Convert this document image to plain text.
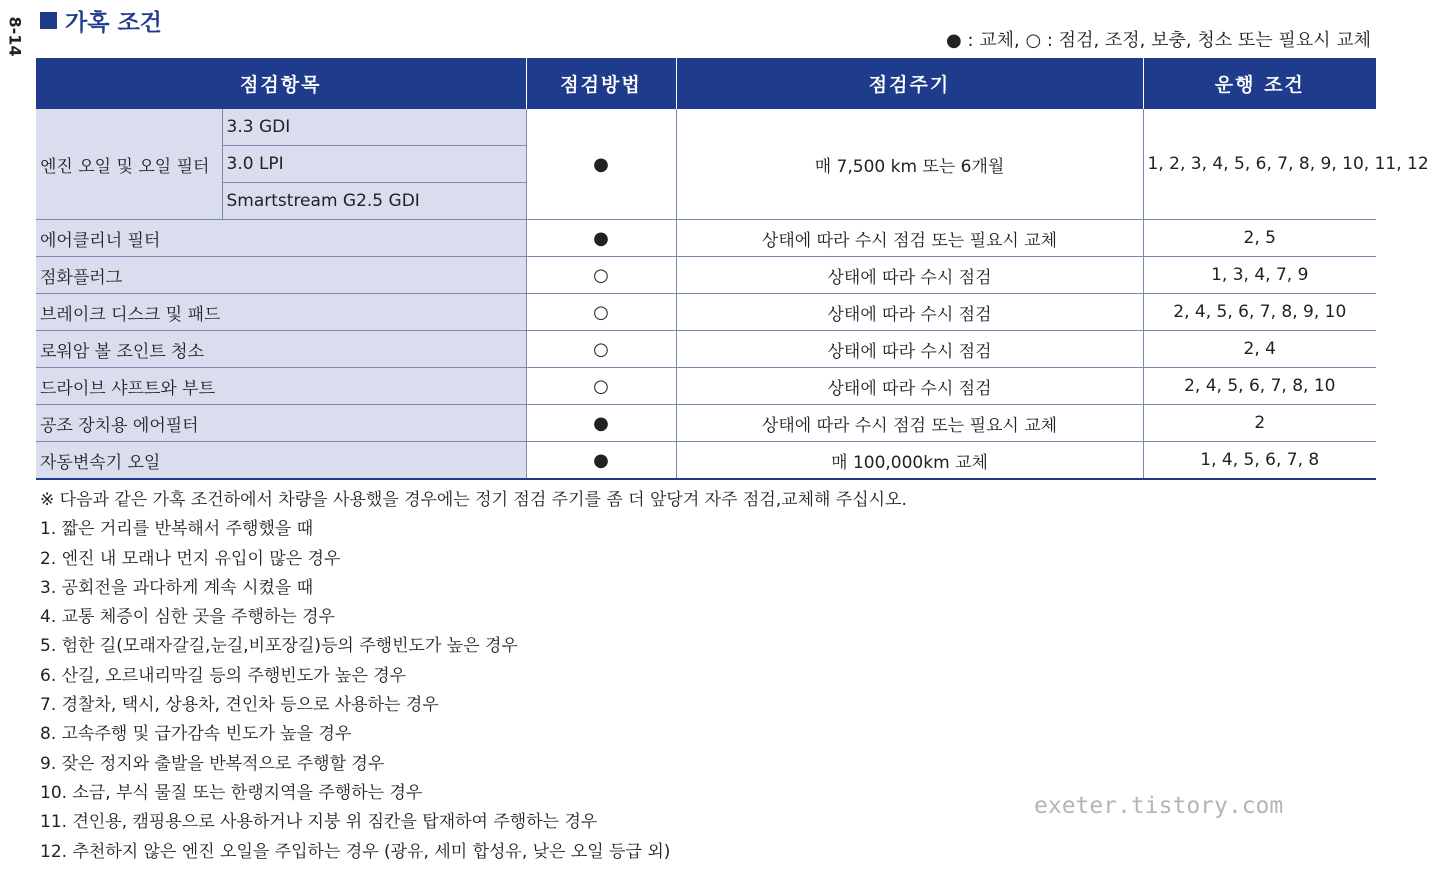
8-14 가혹 조건
● : 교체, ○ : 점검, 조정, 보충, 청소 또는 필요시 교체
점검항목		점검방법	점검주기	운행 조건
엔진 오일 및 오일 필터	3.3 GDI	●	매 7,500 km 또는 6개월	1, 2, 3, 4, 5, 6, 7, 8, 9, 10, 11, 12
	3.0 LPI			
	Smartstream G2.5 GDI			
에어클리너 필터		●	상태에 따라 수시 점검 또는 필요시 교체	2, 5
점화플러그		○	상태에 따라 수시 점검	1, 3, 4, 7, 9
브레이크 디스크 및 패드		○	상태에 따라 수시 점검	2, 4, 5, 6, 7, 8, 9, 10
로워암 볼 조인트 청소		○	상태에 따라 수시 점검	2, 4
드라이브 샤프트와 부트		○	상태에 따라 수시 점검	2, 4, 5, 6, 7, 8, 10
공조 장치용 에어필터		●	상태에 따라 수시 점검 또는 필요시 교체	2
자동변속기 오일		●	매 100,000km 교체	1, 4, 5, 6, 7, 8
※ 다음과 같은 가혹 조건하에서 차량을 사용했을 경우에는 정기 점검 주기를 좀 더 앞당겨 자주 점검,교체해 주십시오.
1. 짧은 거리를 반복해서 주행했을 때
2. 엔진 내 모래나 먼지 유입이 많은 경우
3. 공회전을 과다하게 계속 시켰을 때
4. 교통 체증이 심한 곳을 주행하는 경우
5. 험한 길(모래자갈길,눈길,비포장길)등의 주행빈도가 높은 경우
6. 산길, 오르내리막길 등의 주행빈도가 높은 경우
7. 경찰차, 택시, 상용차, 견인차 등으로 사용하는 경우
8. 고속주행 및 급가감속 빈도가 높을 경우
9. 잦은 정지와 출발을 반복적으로 주행할 경우
10. 소금, 부식 물질 또는 한랭지역을 주행하는 경우
11. 견인용, 캠핑용으로 사용하거나 지붕 위 짐칸을 탑재하여 주행하는 경우
12. 추천하지 않은 엔진 오일을 주입하는 경우 (광유, 세미 합성유, 낮은 오일 등급 외)
exeter.tistory.com
